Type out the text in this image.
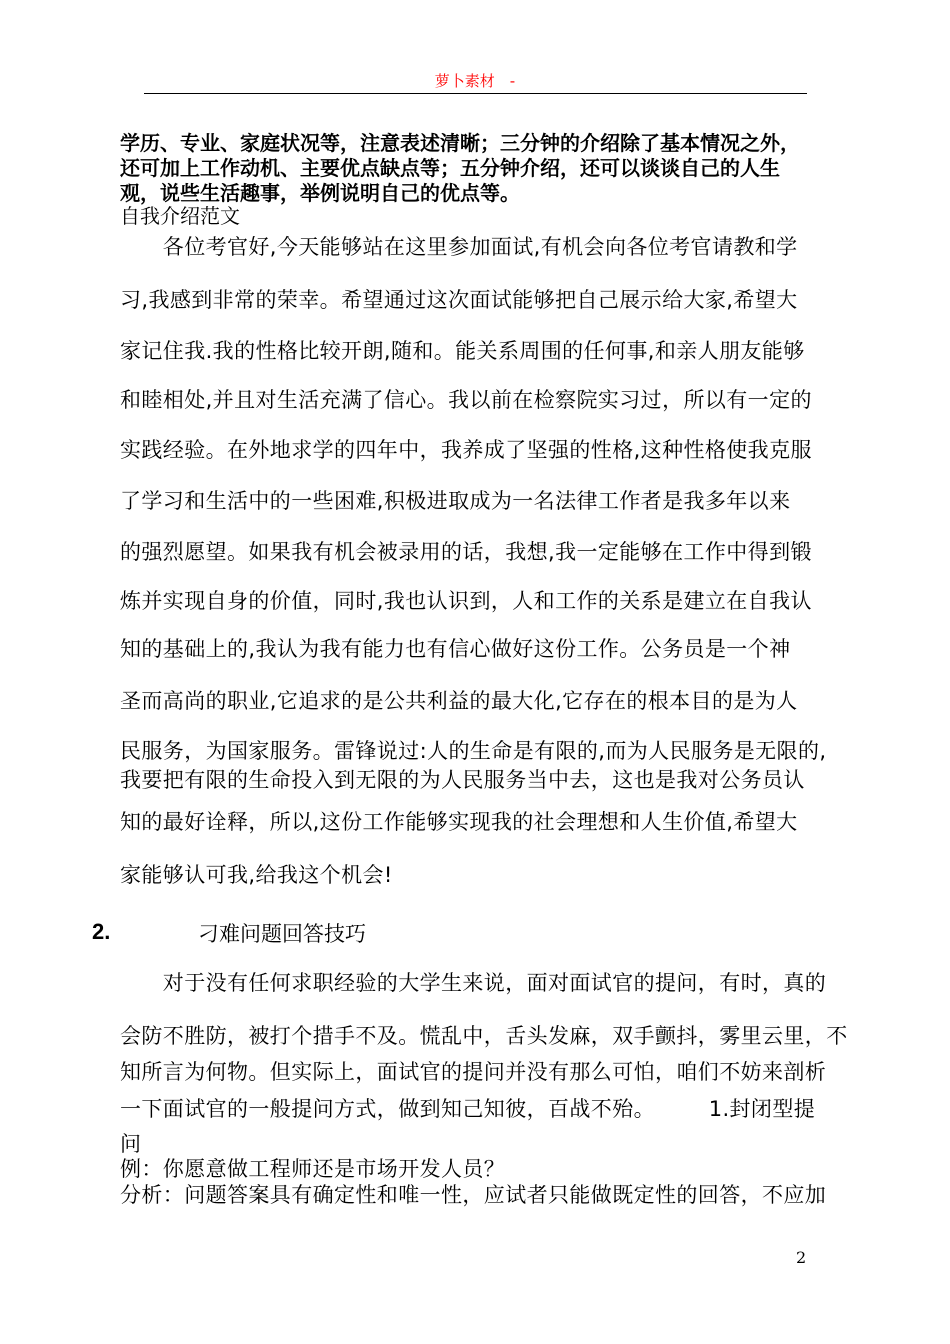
萝卜素材　-
学历、专业、家庭状况等，注意表述清晰；三分钟的介绍除了基本情况之外，
还可加上工作动机、主要优点缺点等；五分钟介绍，还可以谈谈自己的人生
观，说些生活趣事，举例说明自己的优点等。
自我介绍范文
　　各位考官好,今天能够站在这里参加面试,有机会向各位考官请教和学
习,我感到非常的荣幸。希望通过这次面试能够把自己展示给大家,希望大
家记住我.我的性格比较开朗,随和。能关系周围的任何事,和亲人朋友能够
和睦相处,并且对生活充满了信心。我以前在检察院实习过，所以有一定的
实践经验。在外地求学的四年中，我养成了坚强的性格,这种性格使我克服
了学习和生活中的一些困难,积极进取成为一名法律工作者是我多年以来
的强烈愿望。如果我有机会被录用的话，我想,我一定能够在工作中得到锻
炼并实现自身的价值，同时,我也认识到，人和工作的关系是建立在自我认
知的基础上的,我认为我有能力也有信心做好这份工作。公务员是一个神
圣而高尚的职业,它追求的是公共利益的最大化,它存在的根本目的是为人
民服务，为国家服务。雷锋说过:人的生命是有限的,而为人民服务是无限的,
我要把有限的生命投入到无限的为人民服务当中去，这也是我对公务员认
知的最好诠释，所以,这份工作能够实现我的社会理想和人生价值,希望大
家能够认可我,给我这个机会!
2.	刁难问题回答技巧
　　对于没有任何求职经验的大学生来说，面对面试官的提问，有时，真的
会防不胜防，被打个措手不及。慌乱中，舌头发麻，双手颤抖，雾里云里，不
知所言为何物。但实际上，面试官的提问并没有那么可怕，咱们不妨来剖析
一下面试官的一般提问方式，做到知己知彼，百战不殆。　　　1.封闭型提
问
例：你愿意做工程师还是市场开发人员？
分析：问题答案具有确定性和唯一性，应试者只能做既定性的回答，不应加
2
